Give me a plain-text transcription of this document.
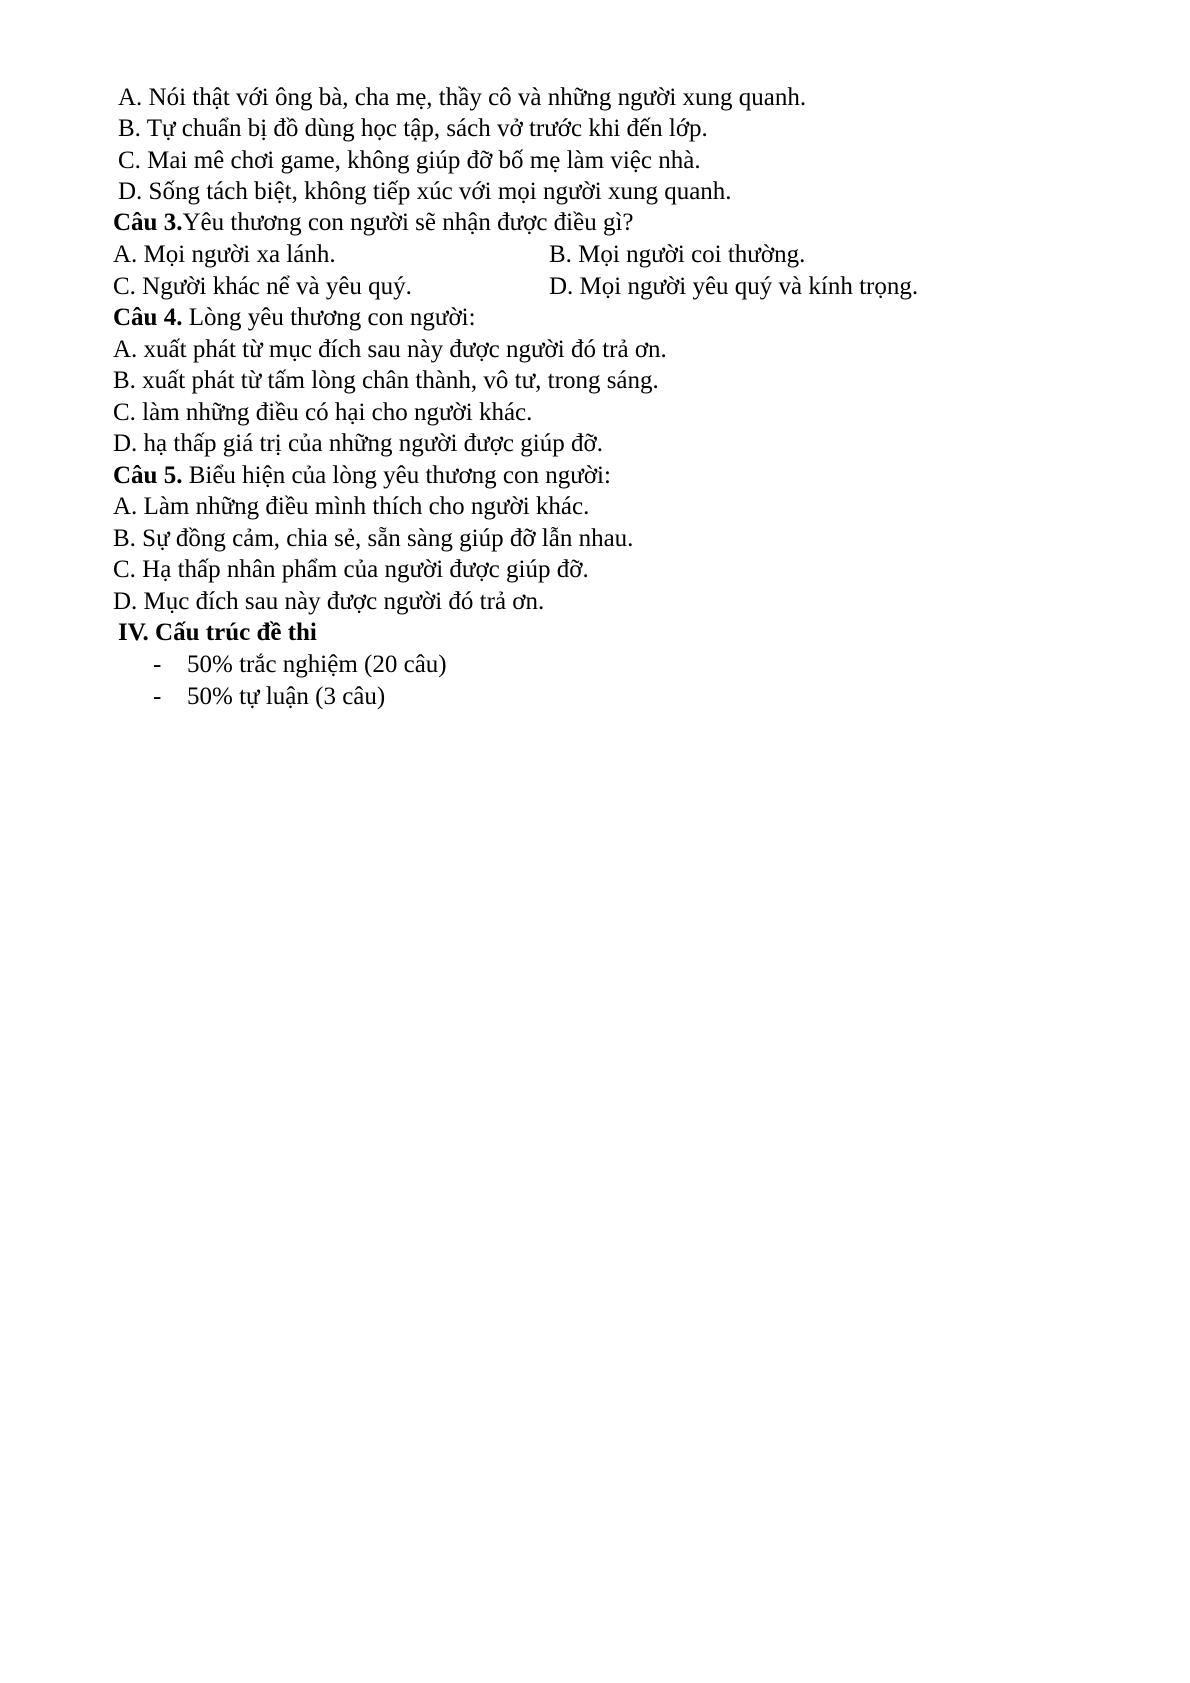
A. Nói thật với ông bà, cha mẹ, thầy cô và những người xung quanh.
B. Tự chuẩn bị đồ dùng học tập, sách vở trước khi đến lớp.
C. Mai mê chơi game, không giúp đỡ bố mẹ làm việc nhà.
D. Sống tách biệt, không tiếp xúc với mọi người xung quanh.
Câu 3.Yêu thương con người sẽ nhận được điều gì?
A. Mọi người xa lánh.	B. Mọi người coi thường.
C. Người khác nể và yêu quý.	D. Mọi người yêu quý và kính trọng.
Câu 4. Lòng yêu thương con người:
A. xuất phát từ mục đích sau này được người đó trả ơn.
B. xuất phát từ tấm lòng chân thành, vô tư, trong sáng.
C. làm những điều có hại cho người khác.
D. hạ thấp giá trị của những người được giúp đỡ.
Câu 5. Biểu hiện của lòng yêu thương con người:
A. Làm những điều mình thích cho người khác.
B. Sự đồng cảm, chia sẻ, sẵn sàng giúp đỡ lẫn nhau.
C. Hạ thấp nhân phẩm của người được giúp đỡ.
D. Mục đích sau này được người đó trả ơn.
IV. Cấu trúc đề thi
- 50% trắc nghiệm (20 câu)
- 50% tự luận (3 câu)
